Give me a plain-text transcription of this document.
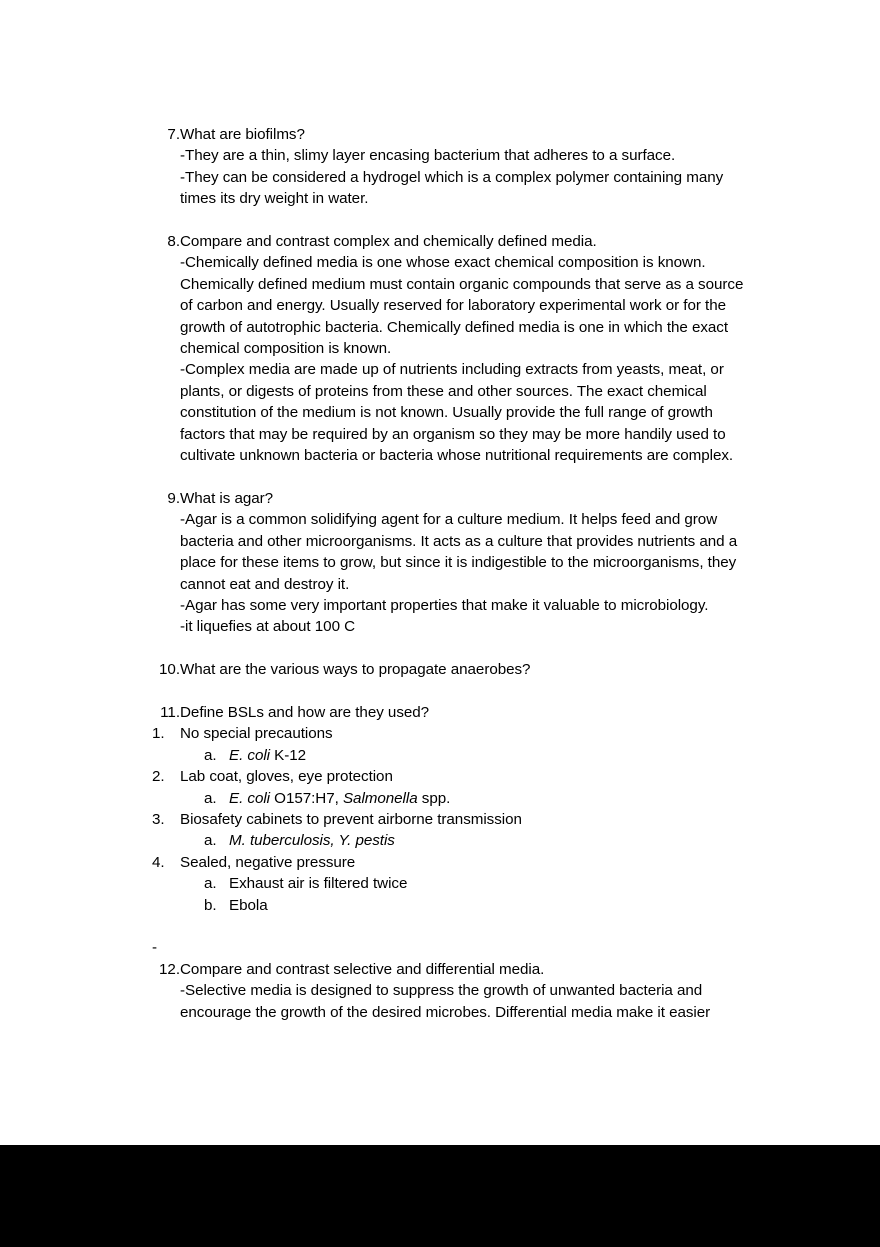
7. What are biofilms?

-They are a thin, slimy layer encasing bacterium that adheres to a surface.

-They can be considered a hydrogel which is a complex polymer containing many times its dry weight in water.

8. Compare and contrast complex and chemically defined media.

-Chemically defined media is one whose exact chemical composition is known. Chemically defined medium must contain organic compounds that serve as a source of carbon and energy. Usually reserved for laboratory experimental work or for the growth of autotrophic bacteria. Chemically defined media is one in which the exact chemical composition is known.

-Complex media are made up of nutrients including extracts from yeasts, meat, or plants, or digests of proteins from these and other sources. The exact chemical constitution of the medium is not known. Usually provide the full range of growth factors that may be required by an organism so they may be more handily used to cultivate unknown bacteria or bacteria whose nutritional requirements are complex.

9. What is agar?

-Agar is a common solidifying agent for a culture medium. It helps feed and grow bacteria and other microorganisms. It acts as a culture that provides nutrients and a place for these items to grow, but since it is indigestible to the microorganisms, they cannot eat and destroy it.

-Agar has some very important properties that make it valuable to microbiology.

-it liquefies at about 100 C

10. What are the various ways to propagate anaerobes?

11. Define BSLs and how are they used?

1.	No special precautions
a. E. coli K-12
2.	Lab coat, gloves, eye protection
a. E. coli O157:H7, Salmonella spp.
3.	Biosafety cabinets to prevent airborne transmission
a. M. tuberculosis, Y. pestis
4.	Sealed, negative pressure
a. Exhaust air is filtered twice
b. Ebola
-
12. Compare and contrast selective and differential media.

-Selective media is designed to suppress the growth of unwanted bacteria and encourage the growth of the desired microbes. Differential media make it easier
